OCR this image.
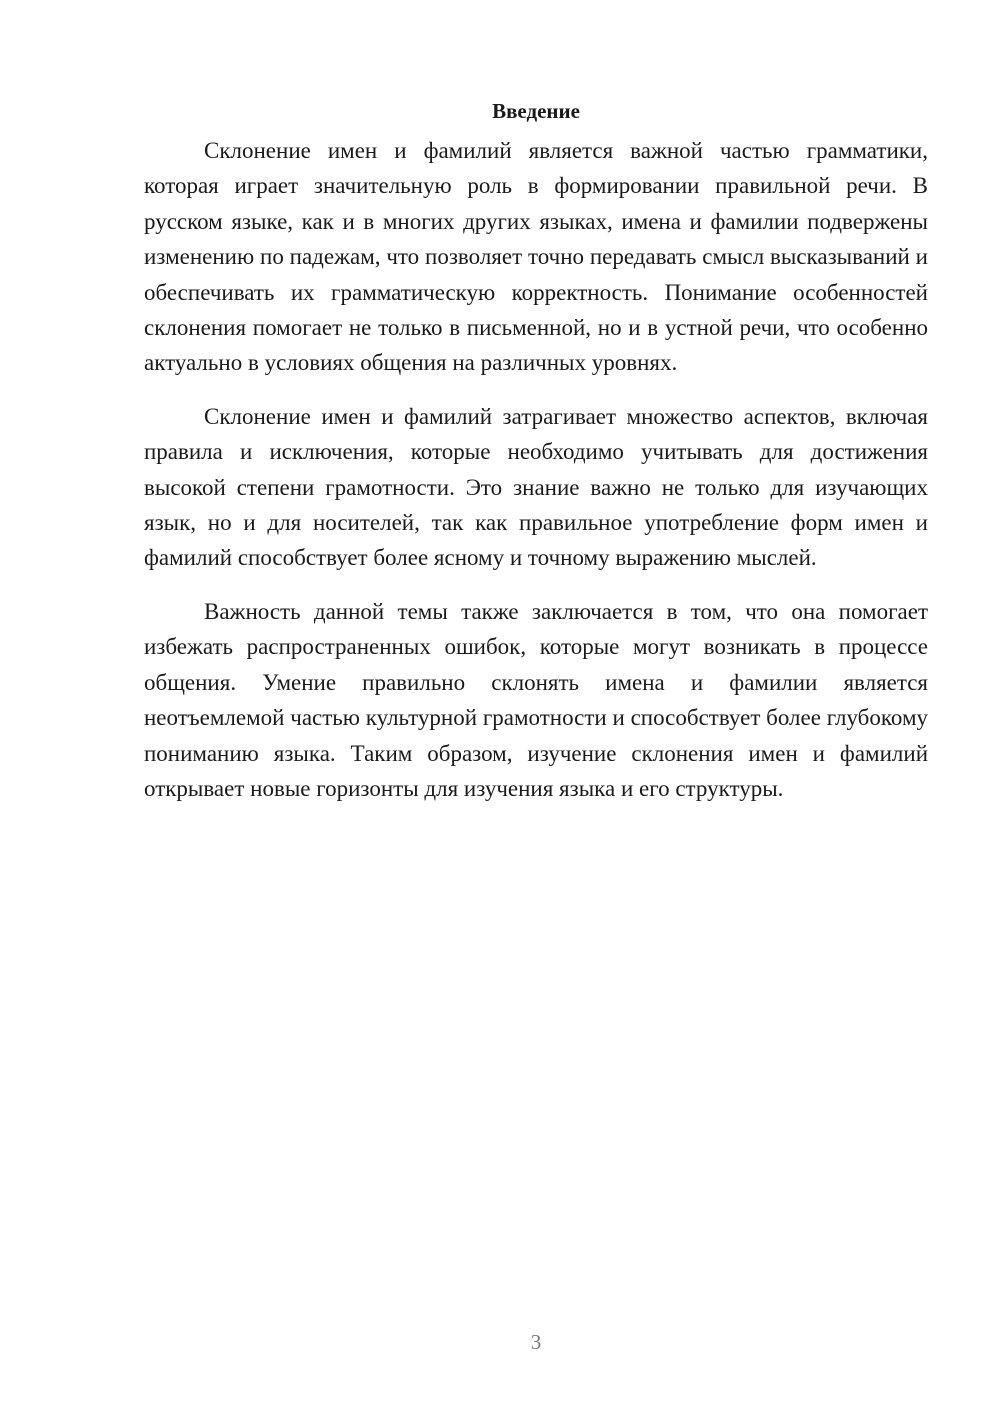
Введение

Склонение имен и фамилий является важной частью грамматики, которая играет значительную роль в формировании правильной речи. В русском языке, как и в многих других языках, имена и фамилии подвержены изменению по падежам, что позволяет точно передавать смысл высказываний и обеспечивать их грамматическую корректность. Понимание особенностей склонения помогает не только в письменной, но и в устной речи, что особенно актуально в условиях общения на различных уровнях.

Склонение имен и фамилий затрагивает множество аспектов, включая правила и исключения, которые необходимо учитывать для достижения высокой степени грамотности. Это знание важно не только для изучающих язык, но и для носителей, так как правильное употребление форм имен и фамилий способствует более ясному и точному выражению мыслей.

Важность данной темы также заключается в том, что она помогает избежать распространенных ошибок, которые могут возникать в процессе общения. Умение правильно склонять имена и фамилии является неотъемлемой частью культурной грамотности и способствует более глубокому пониманию языка. Таким образом, изучение склонения имен и фамилий открывает новые горизонты для изучения языка и его структуры.

3
